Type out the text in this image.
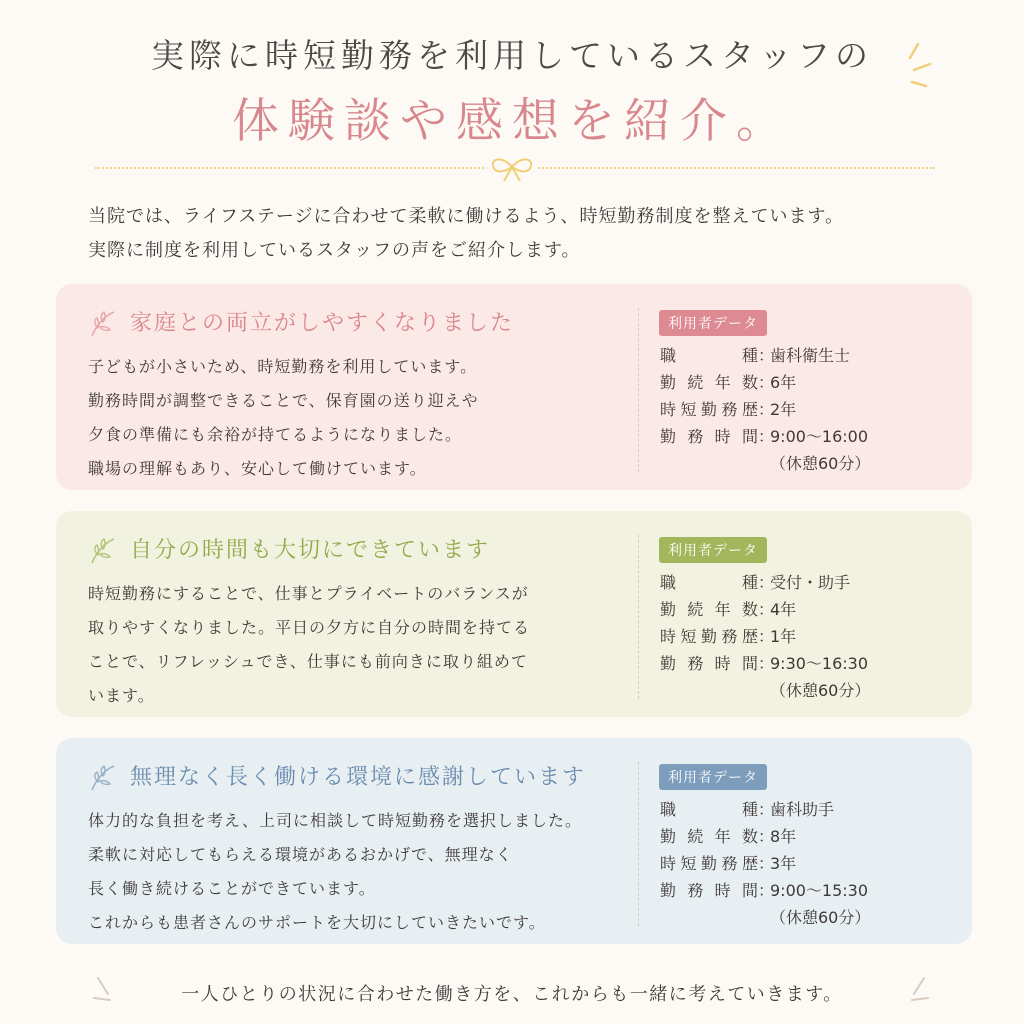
実際に時短勤務を利用しているスタッフの
体験談や感想を紹介。
当院では、ライフステージに合わせて柔軟に働けるよう、時短勤務制度を整えています。
実際に制度を利用しているスタッフの声をご紹介します。
家庭との両立がしやすくなりました
子どもが小さいため、時短勤務を利用しています。
勤務時間が調整できることで、保育園の送り迎えや
夕食の準備にも余裕が持てるようになりました。
職場の理解もあり、安心して働けています。
利用者データ
職種 ：
歯科衛生士
勤続年数 ：
6年
時短勤務歴 ：
2年
勤務時間 ：
9:00～16:00
（休憩60分）
自分の時間も大切にできています
時短勤務にすることで、仕事とプライベートのバランスが
取りやすくなりました。平日の夕方に自分の時間を持てる
ことで、リフレッシュでき、仕事にも前向きに取り組めて
います。
利用者データ
職種 ：
受付・助手
勤続年数 ：
4年
時短勤務歴 ：
1年
勤務時間 ：
9:30～16:30
（休憩60分）
無理なく長く働ける環境に感謝しています
体力的な負担を考え、上司に相談して時短勤務を選択しました。
柔軟に対応してもらえる環境があるおかげで、無理なく
長く働き続けることができています。
これからも患者さんのサポートを大切にしていきたいです。
利用者データ
職種 ：
歯科助手
勤続年数 ：
8年
時短勤務歴 ：
3年
勤務時間 ：
9:00～15:30
（休憩60分）
一人ひとりの状況に合わせた働き方を、これからも一緒に考えていきます。
